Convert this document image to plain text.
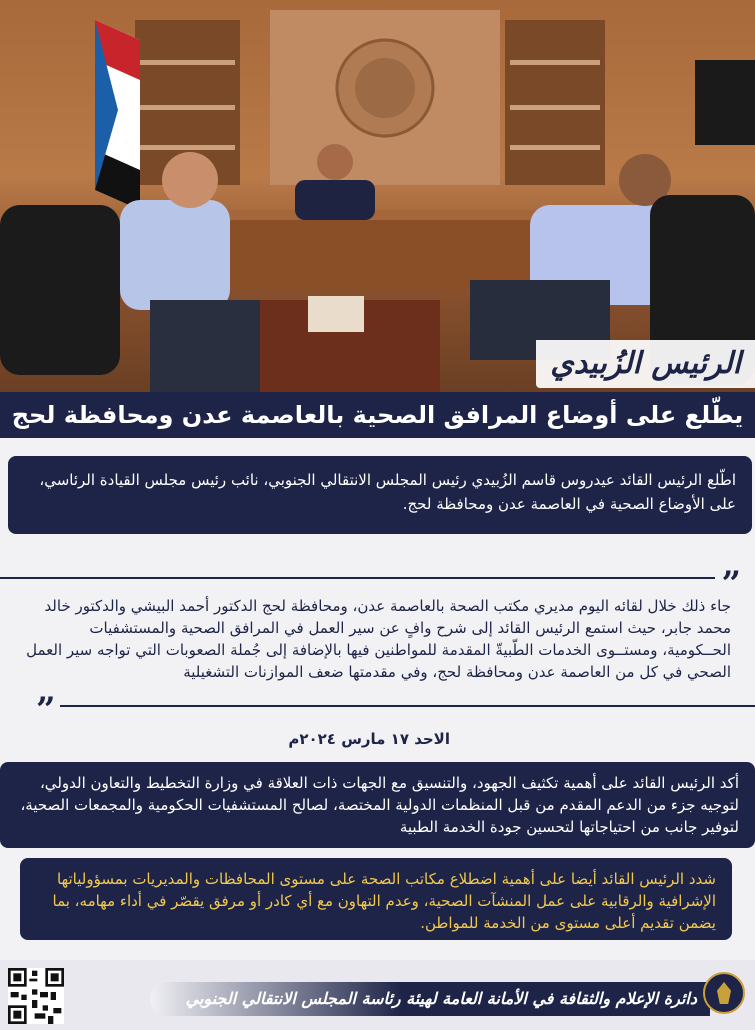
الرئيس الزُبيدي
يطّلع على أوضاع المرافق الصحية بالعاصمة عدن ومحافظة لحج
اطّلع الرئيس القائد عيدروس قاسم الزُبيدي رئيس المجلس الانتقالي الجنوبي، نائب رئيس مجلس القيادة الرئاسي، على الأوضاع الصحية في العاصمة عدن ومحافظة لحج.
”
جاء ذلك خلال لقائه اليوم مديري مكتب الصحة بالعاصمة عدن، ومحافظة لحج الدكتور أحمد البيشي والدكتور خالد محمد جابر، حيث استمع الرئيس القائد إلى شرح وافٍ عن سير العمل في المرافق الصحية والمستشفيات الحــكومية، ومستــوى الخدمات الطّبيةّ المقدمة للمواطنين فيها بالإضافة إلى جُملة الصعوبات التي تواجه سير العمل الصحي في كل من العاصمة عدن ومحافظة لحج، وفي مقدمتها ضعف الموازنات التشغيلية
”
الاحد ١٧ مارس ٢٠٢٤م
أكد الرئيس القائد على أهمية تكثيف الجهود، والتنسيق مع الجهات ذات العلاقة في وزارة التخطيط والتعاون الدولي، لتوجيه جزء من الدعم المقدم من قبل المنظمات الدولية المختصة، لصالح المستشفيات الحكومية والمجمعات الصحية، لتوفير جانب من احتياجاتها لتحسين جودة الخدمة الطبية
شدد الرئيس القائد أيضا على أهمية اضطلاع مكاتب الصحة على مستوى المحافظات والمديريات بمسؤولياتها الإشرافية والرقابية على عمل المنشآت الصحية، وعدم التهاون مع أي كادر أو مرفق يقصّر في أداء مهامه، بما يضمن تقديم أعلى مستوى من الخدمة للمواطن.
دائرة الإعلام والثقافة في الأمانة العامة لهيئة رئاسة المجلس الانتقالي الجنوبي
